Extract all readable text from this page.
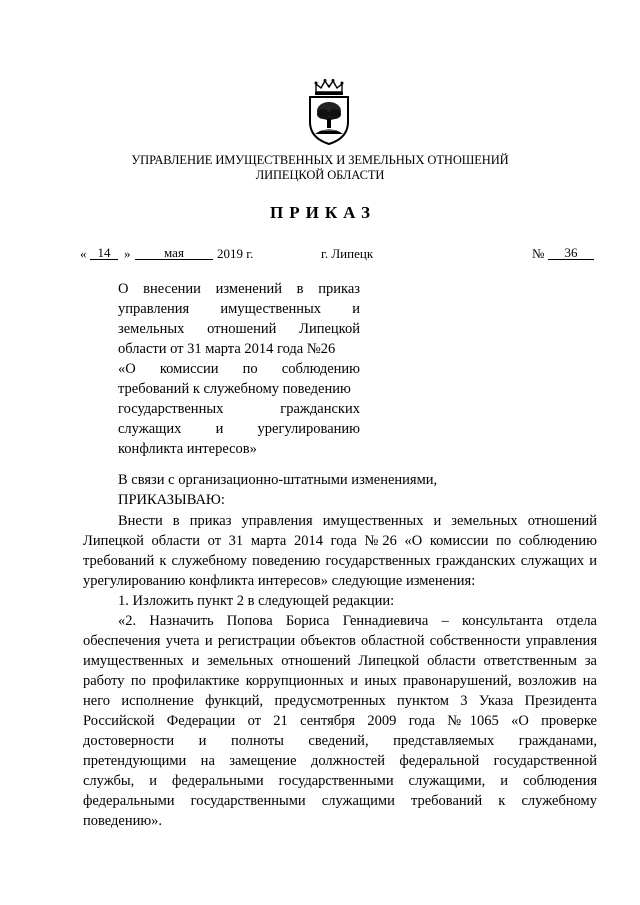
УПРАВЛЕНИЕ ИМУЩЕСТВЕННЫХ И ЗЕМЕЛЬНЫХ ОТНОШЕНИЙ
ЛИПЕЦКОЙ ОБЛАСТИ
ПРИКАЗ
« 14	»	мая	2019 г.	г. Липецк	№	36
О внесении изменений в приказ
управления имущественных и
земельных отношений Липецкой
области от 31 марта 2014 года №26
«О комиссии по соблюдению
требований к служебному поведению
государственных гражданских
служащих и урегулированию
конфликта интересов»
В связи с организационно-штатными изменениями,
ПРИКАЗЫВАЮ:
Внести в приказ управления имущественных и земельных отношений Липецкой области от 31 марта 2014 года №26 «О комиссии по соблюдению требований к служебному поведению государственных гражданских служащих и урегулированию конфликта интересов» следующие изменения:
1. Изложить пункт 2 в следующей редакции:
«2. Назначить Попова Бориса Геннадиевича – консультанта отдела обеспечения учета и регистрации объектов областной собственности управления имущественных и земельных отношений Липецкой области ответственным за работу по профилактике коррупционных и иных правонарушений, возложив на него исполнение функций, предусмотренных пунктом 3 Указа Президента Российской Федерации от 21 сентября 2009 года №1065 «О проверке достоверности и полноты сведений, представляемых гражданами, претендующими на замещение должностей федеральной государственной службы, и федеральными государственными служащими, и соблюдения федеральными государственными служащими требований к служебному поведению».
